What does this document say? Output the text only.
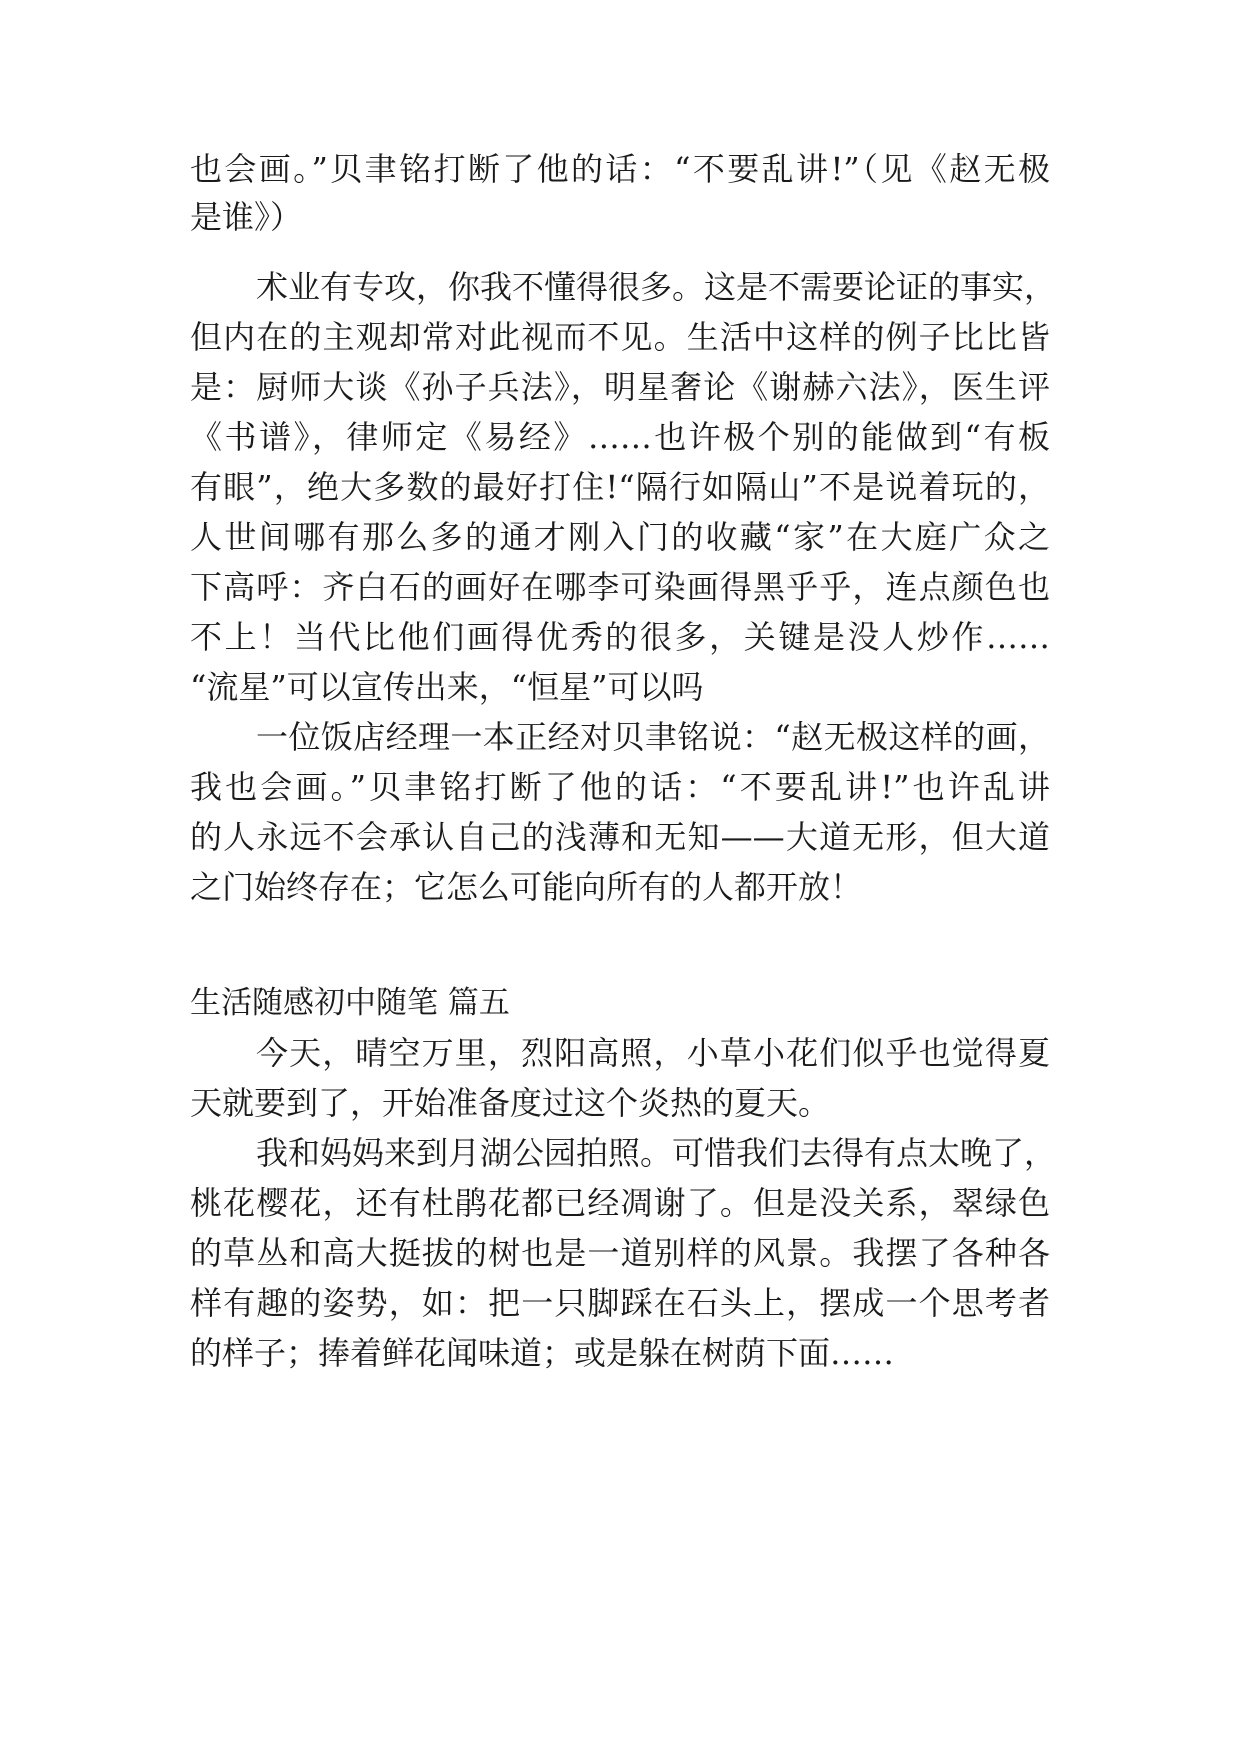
也会画。”贝聿铭打断了他的话：“不要乱讲!”（见《赵无极
是谁》）
术业有专攻，你我不懂得很多。这是不需要论证的事实，
但内在的主观却常对此视而不见。生活中这样的例子比比皆
是：厨师大谈《孙子兵法》，明星奢论《谢赫六法》，医生评
《书谱》，律师定《易经》……也许极个别的能做到“有板
有眼”，绝大多数的最好打住!“隔行如隔山”不是说着玩的，
人世间哪有那么多的通才刚入门的收藏“家”在大庭广众之
下高呼：齐白石的画好在哪李可染画得黑乎乎，连点颜色也
不上！当代比他们画得优秀的很多，关键是没人炒作……
“流星”可以宣传出来，“恒星”可以吗
一位饭店经理一本正经对贝聿铭说：“赵无极这样的画，
我也会画。”贝聿铭打断了他的话：“不要乱讲!”也许乱讲
的人永远不会承认自己的浅薄和无知——大道无形，但大道
之门始终存在；它怎么可能向所有的人都开放！
生活随感初中随笔 篇五
今天，晴空万里，烈阳高照，小草小花们似乎也觉得夏
天就要到了，开始准备度过这个炎热的夏天。
我和妈妈来到月湖公园拍照。可惜我们去得有点太晚了，
桃花樱花，还有杜鹃花都已经凋谢了。但是没关系，翠绿色
的草丛和高大挺拔的树也是一道别样的风景。我摆了各种各
样有趣的姿势，如：把一只脚踩在石头上，摆成一个思考者
的样子；捧着鲜花闻味道；或是躲在树荫下面……
